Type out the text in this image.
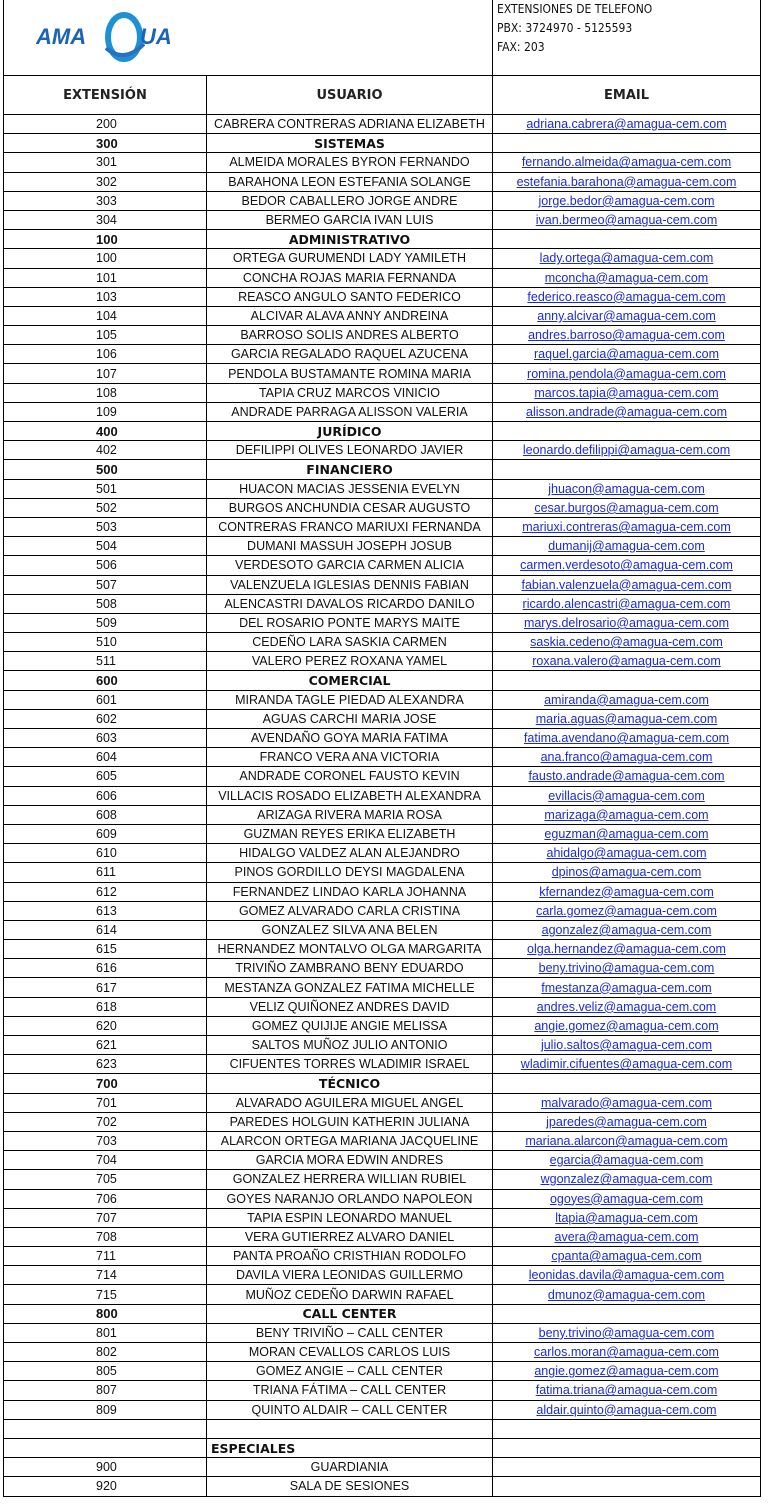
AMA UA
EXTENSIONES DE TELEFONO
PBX: 3724970 - 5125593
FAX: 203
EXTENSIÓN	USUARIO	EMAIL
200	CABRERA CONTRERAS ADRIANA ELIZABETH	adriana.cabrera@amagua-cem.com
300	SISTEMAS
301	ALMEIDA MORALES BYRON FERNANDO	fernando.almeida@amagua-cem.com
302	BARAHONA LEON ESTEFANIA SOLANGE	estefania.barahona@amagua-cem.com
303	BEDOR CABALLERO JORGE ANDRE	jorge.bedor@amagua-cem.com
304	BERMEO GARCIA IVAN LUIS	ivan.bermeo@amagua-cem.com
100	ADMINISTRATIVO
100	ORTEGA GURUMENDI LADY YAMILETH	lady.ortega@amagua-cem.com
101	CONCHA ROJAS MARIA FERNANDA	mconcha@amagua-cem.com
103	REASCO ANGULO SANTO FEDERICO	federico.reasco@amagua-cem.com
104	ALCIVAR ALAVA ANNY ANDREINA	anny.alcivar@amagua-cem.com
105	BARROSO SOLIS ANDRES ALBERTO	andres.barroso@amagua-cem.com
106	GARCIA REGALADO RAQUEL AZUCENA	raquel.garcia@amagua-cem.com
107	PENDOLA BUSTAMANTE ROMINA MARIA	romina.pendola@amagua-cem.com
108	TAPIA CRUZ MARCOS VINICIO	marcos.tapia@amagua-cem.com
109	ANDRADE PARRAGA ALISSON VALERIA	alisson.andrade@amagua-cem.com
400	JURÍDICO
402	DEFILIPPI OLIVES LEONARDO JAVIER	leonardo.defilippi@amagua-cem.com
500	FINANCIERO
501	HUACON MACIAS JESSENIA EVELYN	jhuacon@amagua-cem.com
502	BURGOS ANCHUNDIA CESAR AUGUSTO	cesar.burgos@amagua-cem.com
503	CONTRERAS FRANCO MARIUXI FERNANDA	mariuxi.contreras@amagua-cem.com
504	DUMANI MASSUH JOSEPH JOSUB	dumanij@amagua-cem.com
506	VERDESOTO GARCIA CARMEN ALICIA	carmen.verdesoto@amagua-cem.com
507	VALENZUELA IGLESIAS DENNIS FABIAN	fabian.valenzuela@amagua-cem.com
508	ALENCASTRI DAVALOS RICARDO DANILO	ricardo.alencastri@amagua-cem.com
509	DEL ROSARIO PONTE MARYS MAITE	marys.delrosario@amagua-cem.com
510	CEDEÑO LARA SASKIA CARMEN	saskia.cedeno@amagua-cem.com
511	VALERO PEREZ ROXANA YAMEL	roxana.valero@amagua-cem.com
600	COMERCIAL
601	MIRANDA TAGLE PIEDAD ALEXANDRA	amiranda@amagua-cem.com
602	AGUAS CARCHI MARIA JOSE	maria.aguas@amagua-cem.com
603	AVENDAÑO GOYA MARIA FATIMA	fatima.avendano@amagua-cem.com
604	FRANCO VERA ANA VICTORIA	ana.franco@amagua-cem.com
605	ANDRADE CORONEL FAUSTO KEVIN	fausto.andrade@amagua-cem.com
606	VILLACIS ROSADO ELIZABETH ALEXANDRA	evillacis@amagua-cem.com
608	ARIZAGA RIVERA MARIA ROSA	marizaga@amagua-cem.com
609	GUZMAN REYES ERIKA ELIZABETH	eguzman@amagua-cem.com
610	HIDALGO VALDEZ ALAN ALEJANDRO	ahidalgo@amagua-cem.com
611	PINOS GORDILLO DEYSI MAGDALENA	dpinos@amagua-cem.com
612	FERNANDEZ LINDAO KARLA JOHANNA	kfernandez@amagua-cem.com
613	GOMEZ ALVARADO CARLA CRISTINA	carla.gomez@amagua-cem.com
614	GONZALEZ SILVA ANA BELEN	agonzalez@amagua-cem.com
615	HERNANDEZ MONTALVO OLGA MARGARITA	olga.hernandez@amagua-cem.com
616	TRIVIÑO ZAMBRANO BENY EDUARDO	beny.trivino@amagua-cem.com
617	MESTANZA GONZALEZ FATIMA MICHELLE	fmestanza@amagua-cem.com
618	VELIZ QUIÑONEZ ANDRES DAVID	andres.veliz@amagua-cem.com
620	GOMEZ QUIJIJE ANGIE MELISSA	angie.gomez@amagua-cem.com
621	SALTOS MUÑOZ JULIO ANTONIO	julio.saltos@amagua-cem.com
623	CIFUENTES TORRES WLADIMIR ISRAEL	wladimir.cifuentes@amagua-cem.com
700	TÉCNICO
701	ALVARADO AGUILERA MIGUEL ANGEL	malvarado@amagua-cem.com
702	PAREDES HOLGUIN KATHERIN JULIANA	jparedes@amagua-cem.com
703	ALARCON ORTEGA MARIANA JACQUELINE	mariana.alarcon@amagua-cem.com
704	GARCIA MORA EDWIN ANDRES	egarcia@amagua-cem.com
705	GONZALEZ HERRERA WILLIAN RUBIEL	wgonzalez@amagua-cem.com
706	GOYES NARANJO ORLANDO NAPOLEON	ogoyes@amagua-cem.com
707	TAPIA ESPIN LEONARDO MANUEL	ltapia@amagua-cem.com
708	VERA GUTIERREZ ALVARO DANIEL	avera@amagua-cem.com
711	PANTA PROAÑO CRISTHIAN RODOLFO	cpanta@amagua-cem.com
714	DAVILA VIERA LEONIDAS GUILLERMO	leonidas.davila@amagua-cem.com
715	MUÑOZ CEDEÑO DARWIN RAFAEL	dmunoz@amagua-cem.com
800	CALL CENTER
801	BENY TRIVIÑO – CALL CENTER	beny.trivino@amagua-cem.com
802	MORAN CEVALLOS CARLOS LUIS	carlos.moran@amagua-cem.com
805	GOMEZ ANGIE – CALL CENTER	angie.gomez@amagua-cem.com
807	TRIANA FÁTIMA – CALL CENTER	fatima.triana@amagua-cem.com
809	QUINTO ALDAIR – CALL CENTER	aldair.quinto@amagua-cem.com
ESPECIALES
900	GUARDIANIA
920	SALA DE SESIONES
